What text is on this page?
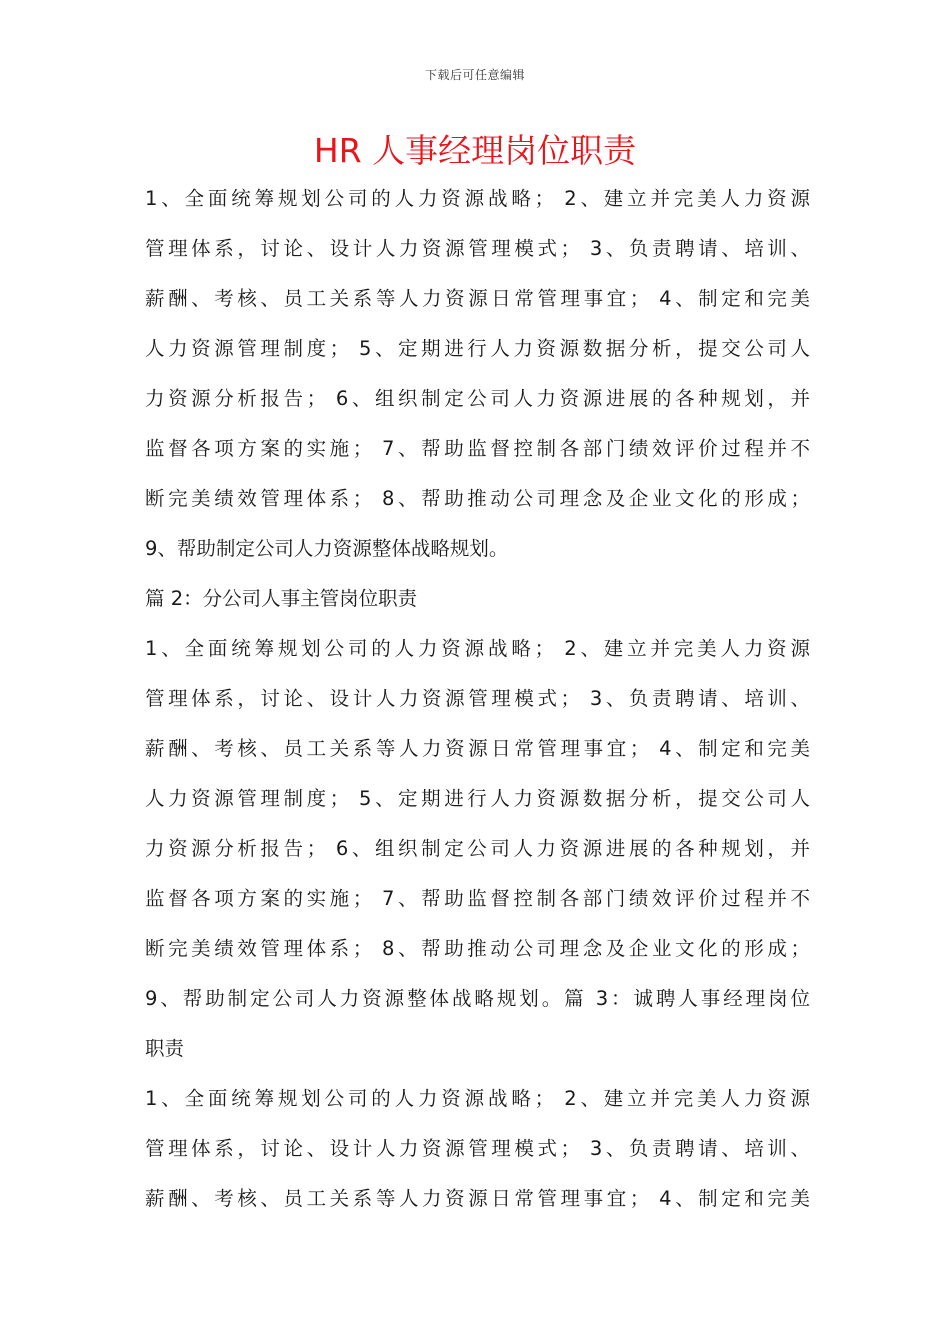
下载后可任意编辑
HR 人事经理岗位职责
1、全面统筹规划公司的人力资源战略； 2、建立并完美人力资源
管理体系，讨论、设计人力资源管理模式； 3、负责聘请、培训、
薪酬、考核、员工关系等人力资源日常管理事宜； 4、制定和完美
人力资源管理制度； 5、定期进行人力资源数据分析，提交公司人
力资源分析报告； 6、组织制定公司人力资源进展的各种规划，并
监督各项方案的实施； 7、帮助监督控制各部门绩效评价过程并不
断完美绩效管理体系； 8、帮助推动公司理念及企业文化的形成；
9、帮助制定公司人力资源整体战略规划。
篇 2：分公司人事主管岗位职责
1、全面统筹规划公司的人力资源战略； 2、建立并完美人力资源
管理体系，讨论、设计人力资源管理模式； 3、负责聘请、培训、
薪酬、考核、员工关系等人力资源日常管理事宜； 4、制定和完美
人力资源管理制度； 5、定期进行人力资源数据分析，提交公司人
力资源分析报告； 6、组织制定公司人力资源进展的各种规划，并
监督各项方案的实施； 7、帮助监督控制各部门绩效评价过程并不
断完美绩效管理体系； 8、帮助推动公司理念及企业文化的形成；
9、帮助制定公司人力资源整体战略规划。篇 3：诚聘人事经理岗位
职责
1、全面统筹规划公司的人力资源战略； 2、建立并完美人力资源
管理体系，讨论、设计人力资源管理模式； 3、负责聘请、培训、
薪酬、考核、员工关系等人力资源日常管理事宜； 4、制定和完美
